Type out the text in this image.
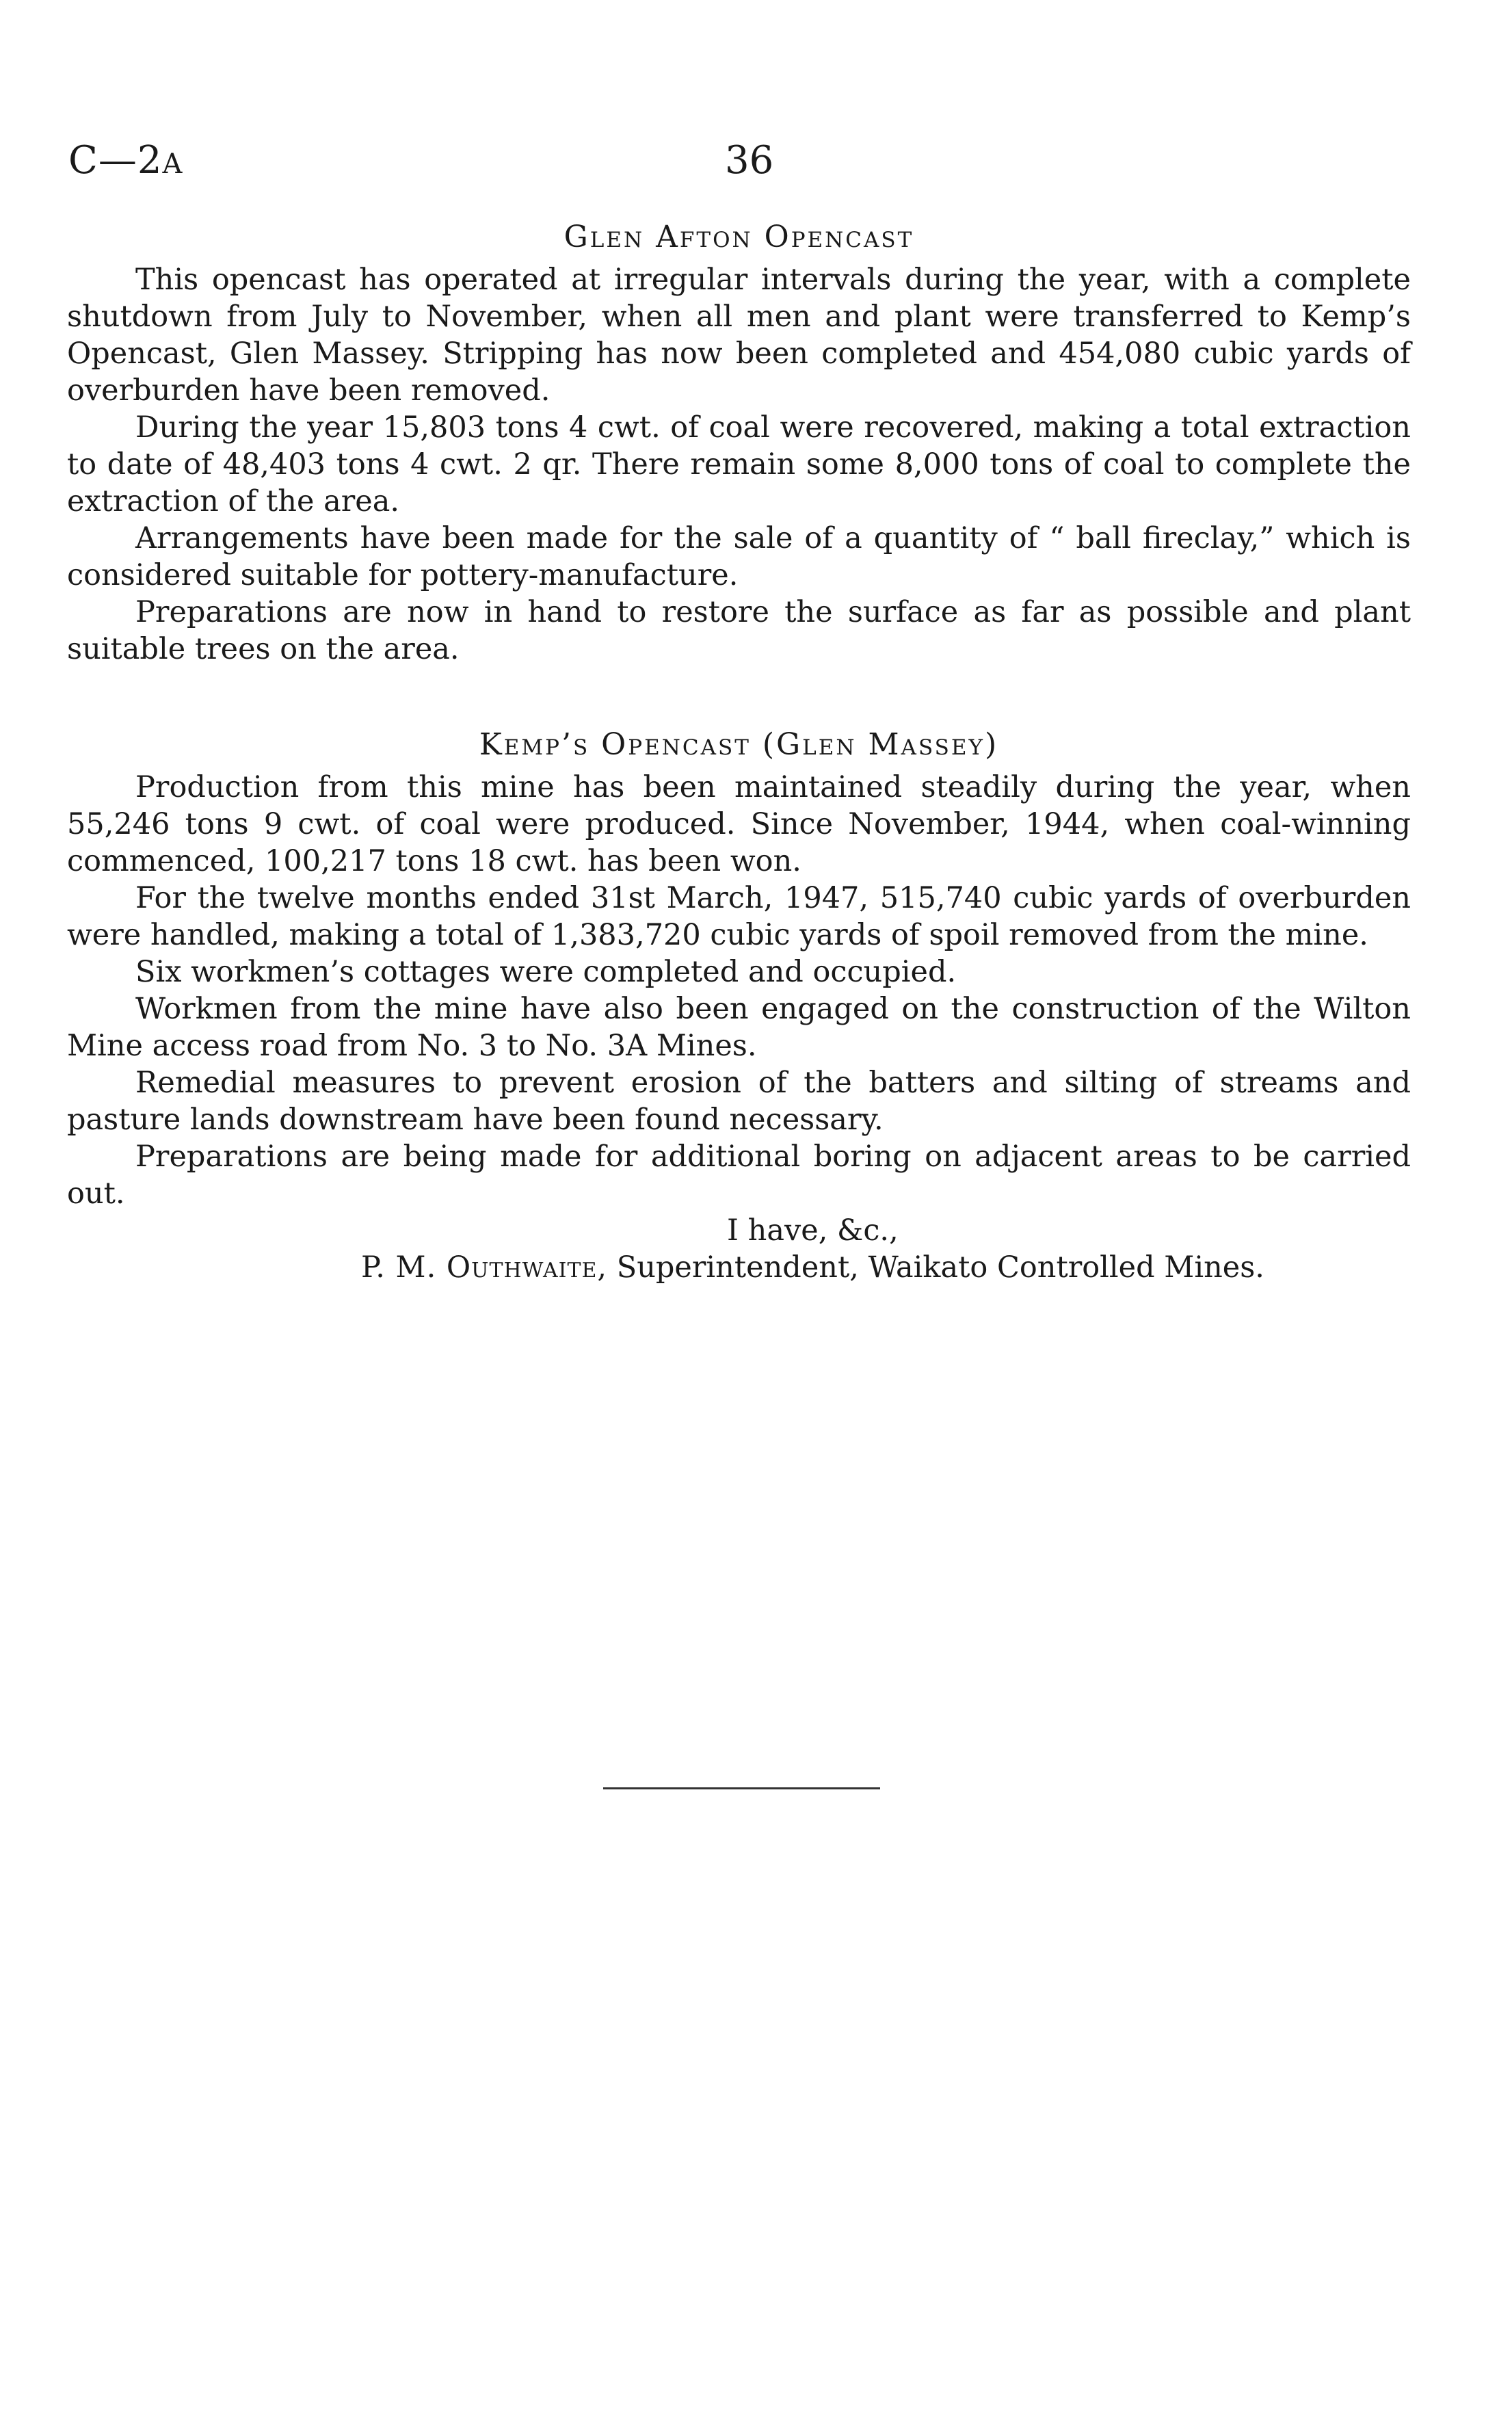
C—2A	36
Glen Afton Opencast

This opencast has operated at irregular intervals during the year, with a complete shutdown from July to November, when all men and plant were transferred to Kemp’s Opencast, Glen Massey. Stripping has now been completed and 454,080 cubic yards of overburden have been removed.

During the year 15,803 tons 4 cwt. of coal were recovered, making a total extraction to date of 48,403 tons 4 cwt. 2 qr. There remain some 8,000 tons of coal to complete the extraction of the area.

Arrangements have been made for the sale of a quantity of “ ball fireclay,” which is considered suitable for pottery-manufacture.

Preparations are now in hand to restore the surface as far as possible and plant suitable trees on the area.

Kemp’s Opencast (Glen Massey)

Production from this mine has been maintained steadily during the year, when 55,246 tons 9 cwt. of coal were produced. Since November, 1944, when coal-winning commenced, 100,217 tons 18 cwt. has been won.

For the twelve months ended 31st March, 1947, 515,740 cubic yards of overburden were handled, making a total of 1,383,720 cubic yards of spoil removed from the mine.

Six workmen’s cottages were completed and occupied.

Workmen from the mine have also been engaged on the construction of the Wilton Mine access road from No. 3 to No. 3A Mines.

Remedial measures to prevent erosion of the batters and silting of streams and pasture lands downstream have been found necessary.

Preparations are being made for additional boring on adjacent areas to be carried out.

I have, &c.,
P. M. Outhwaite, Superintendent, Waikato Controlled Mines.
